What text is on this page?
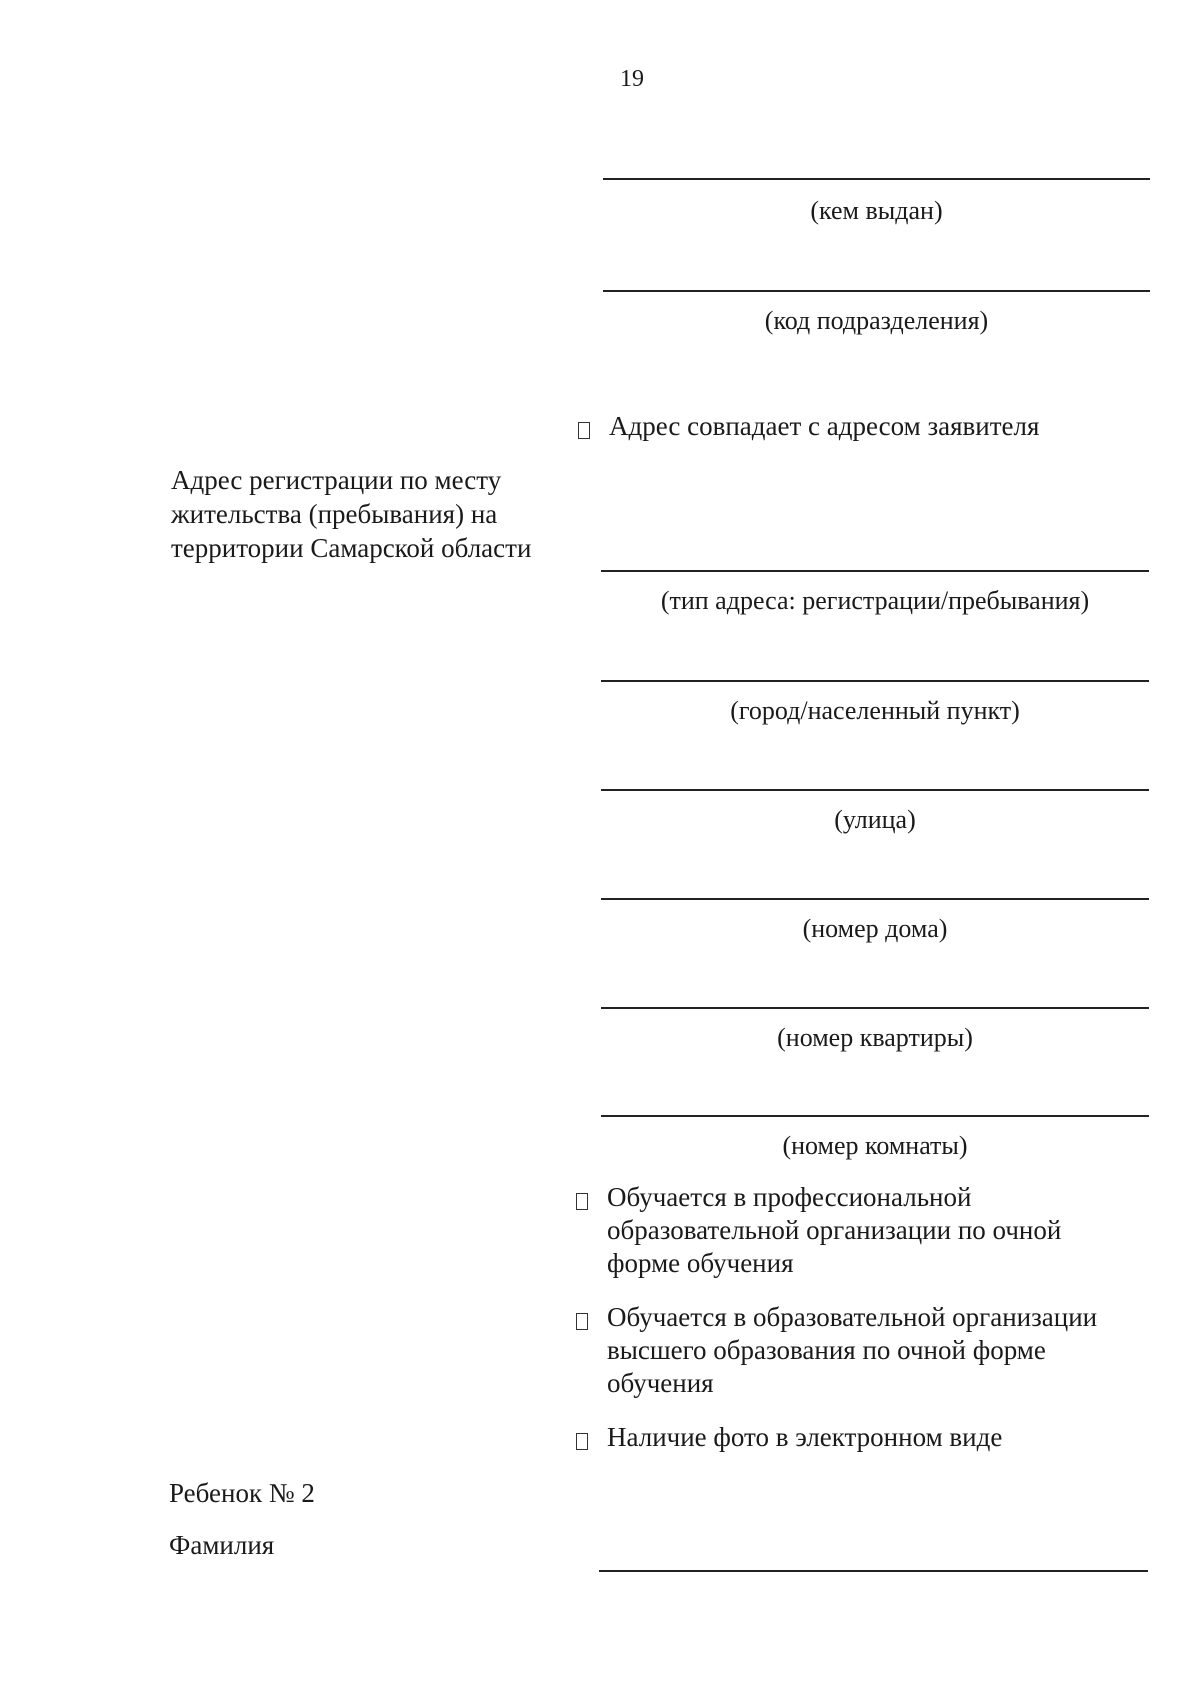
19
(кем выдан)
(код подразделения)
Адрес совпадает с адресом заявителя
Адрес регистрации по месту жительства (пребывания) на территории Самарской области
(тип адреса: регистрации/пребывания)
(город/населенный пункт)
(улица)
(номер дома)
(номер квартиры)
(номер комнаты)
Обучается в профессиональной образовательной организации по очной форме обучения
Обучается в образовательной организации высшего образования по очной форме обучения
Наличие фото в электронном виде
Ребенок № 2
Фамилия
